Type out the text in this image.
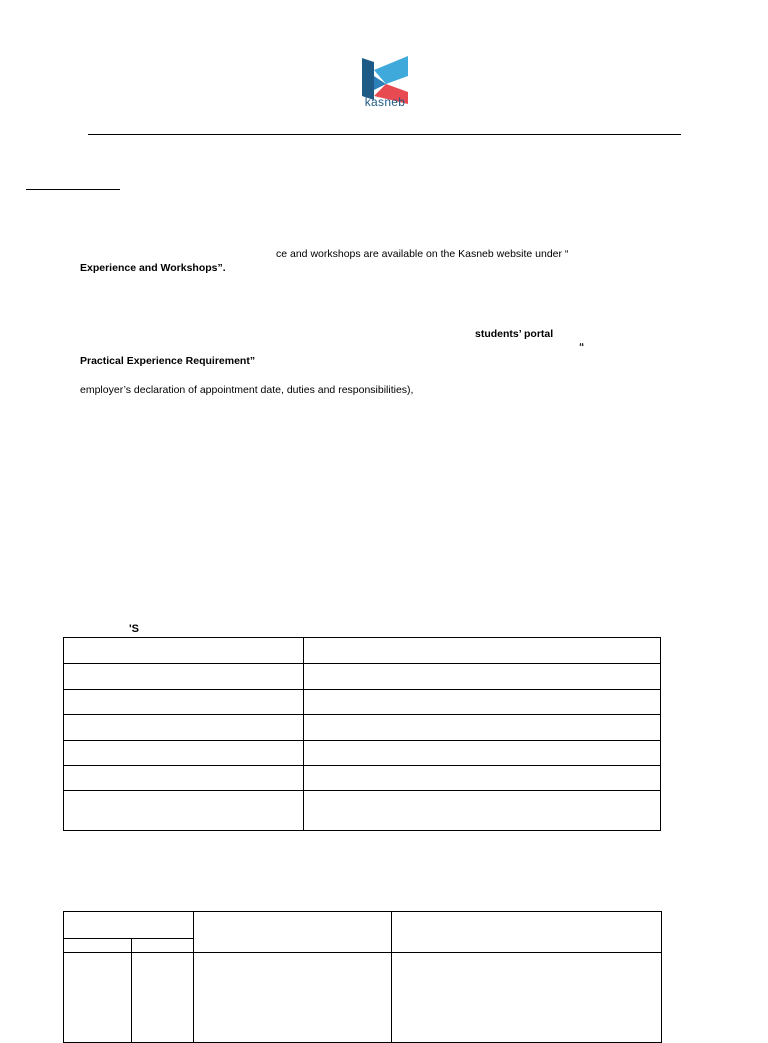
kasneb
ce and workshops are available on the Kasneb website under “
Experience and Workshops”.
students’ portal
“
Practical Experience Requirement”
employer’s declaration of appointment date, duties and responsibilities),
'S
